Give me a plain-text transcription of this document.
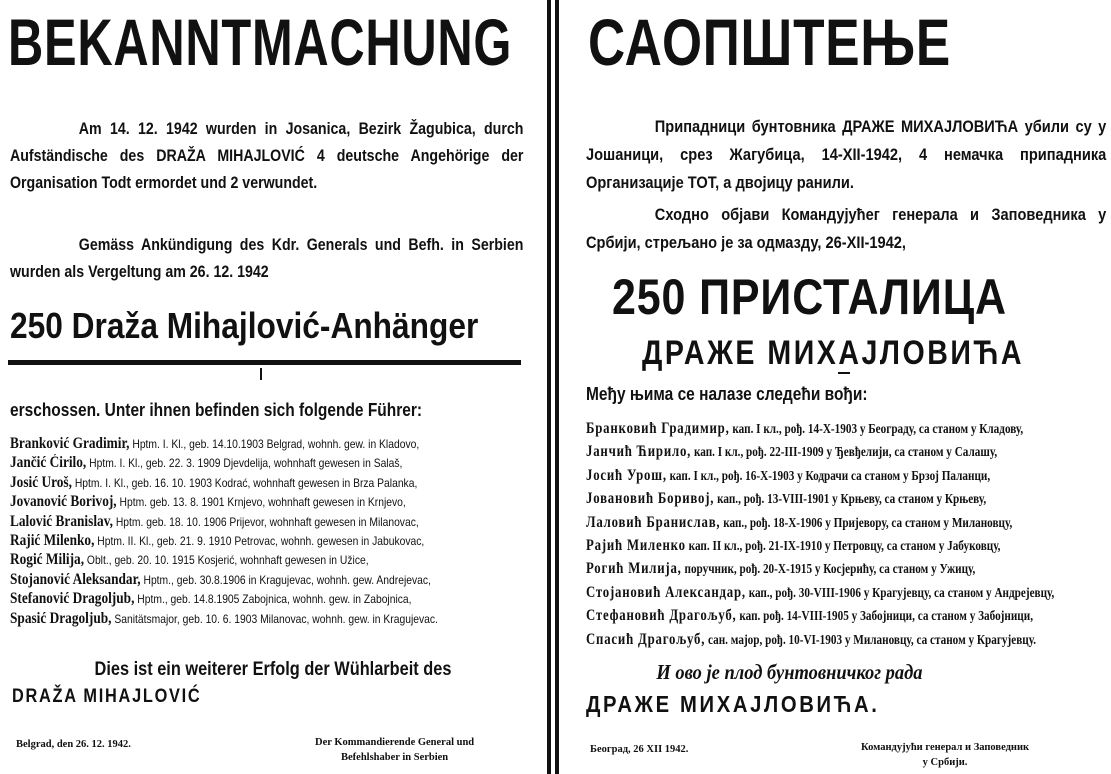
BEKANNTMACHUNG
Am 14. 12. 1942 wurden in Josanica, Bezirk Žagubica, durch Aufständische des DRAŽA MIHAJLOVIĆ 4 deutsche Angehörige der Organisation Todt ermordet und 2 verwundet.
Gemäss Ankündigung des Kdr. Generals und Befh. in Serbien wurden als Vergeltung am 26. 12. 1942
250 Draža Mihajlović-Anhänger
erschossen. Unter ihnen befinden sich folgende Führer:
Branković Gradimir, Hptm. I. Kl., geb. 14.10.1903 Belgrad, wohnh. gew. in Kladovo,
Jančić Ćirilo, Hptm. I. Kl., geb. 22. 3. 1909 Djevdelija, wohnhaft gewesen in Salaš,
Josić Uroš, Hptm. I. Kl., geb. 16. 10. 1903 Kodrać, wohnhaft gewesen in Brza Palanka,
Jovanović Borivoj, Hptm. geb. 13. 8. 1901 Krnjevo, wohnhaft gewesen in Krnjevo,
Lalović Branislav, Hptm. geb. 18. 10. 1906 Prijevor, wohnhaft gewesen in Milanovac,
Rajić Milenko, Hptm. II. Kl., geb. 21. 9. 1910 Petrovac, wohnh. gewesen in Jabukovac,
Rogić Milija, Oblt., geb. 20. 10. 1915 Kosjerić, wohnhaft gewesen in Užice,
Stojanović Aleksandar, Hptm., geb. 30.8.1906 in Kragujevac, wohnh. gew. Andrejevac,
Stefanović Dragoljub, Hptm., geb. 14.8.1905 Zabojnica, wohnh. gew. in Zabojnica,
Spasić Dragoljub, Sanitätsmajor, geb. 10. 6. 1903 Milanovac, wohnh. gew. in Kragujevac.
Dies ist ein weiterer Erfolg der Wühlarbeit des
DRAŽA MIHAJLOVIĆ
Belgrad, den 26. 12. 1942.	Der Kommandierende General und
Befehlshaber in Serbien
САОПШТЕЊЕ
Припадници бунтовника ДРАЖЕ МИХАЈЛОВИЋА убили су у Јошаници, срез Жагубица, 14-XII-1942, 4 немачка припадника Организације ТОТ, а двојицу ранили.
Сходно објави Командујућег генерала и Заповедника у Србији, стрељано је за одмазду, 26-XII-1942,
250 ПРИСТАЛИЦА
ДРАЖЕ МИХАЈЛОВИЋА
Међу њима се налазе следећи вођи:
Бранковић Градимир, кап. I кл., рођ. 14-X-1903 у Београду, са станом у Кладову,
Јанчић Ћирило, кап. I кл., рођ. 22-III-1909 у Ђевђелији, са станом у Салашу,
Јосић Урош, кап. I кл., рођ. 16-X-1903 у Кодрачи са станом у Брзој Паланци,
Јовановић Боривој, кап., рођ. 13-VIII-1901 у Крњеву, са станом у Крњеву,
Лаловић Бранислав, кап., рођ. 18-X-1906 у Пријевору, са станом у Милановцу,
Рајић Миленко кап. II кл., рођ. 21-IX-1910 у Петровцу, са станом у Јабуковцу,
Рогић Милија, поручник, рођ. 20-X-1915 у Косјерићу, са станом у Ужицу,
Стојановић Александар, кап., рођ. 30-VIII-1906 у Крагујевцу, са станом у Андрејевцу,
Стефановић Драгољуб, кап. рођ. 14-VIII-1905 у Забојници, са станом у Забојници,
Спасић Драгољуб, сан. мајор, рођ. 10-VI-1903 у Милановцу, са станом у Крагујевцу.
И ово је плод бунтовничког рада
ДРАЖЕ МИХАЈЛОВИЋА.
Београд, 26 XII 1942.	Командујући генерал и Заповедник
у Србији.
